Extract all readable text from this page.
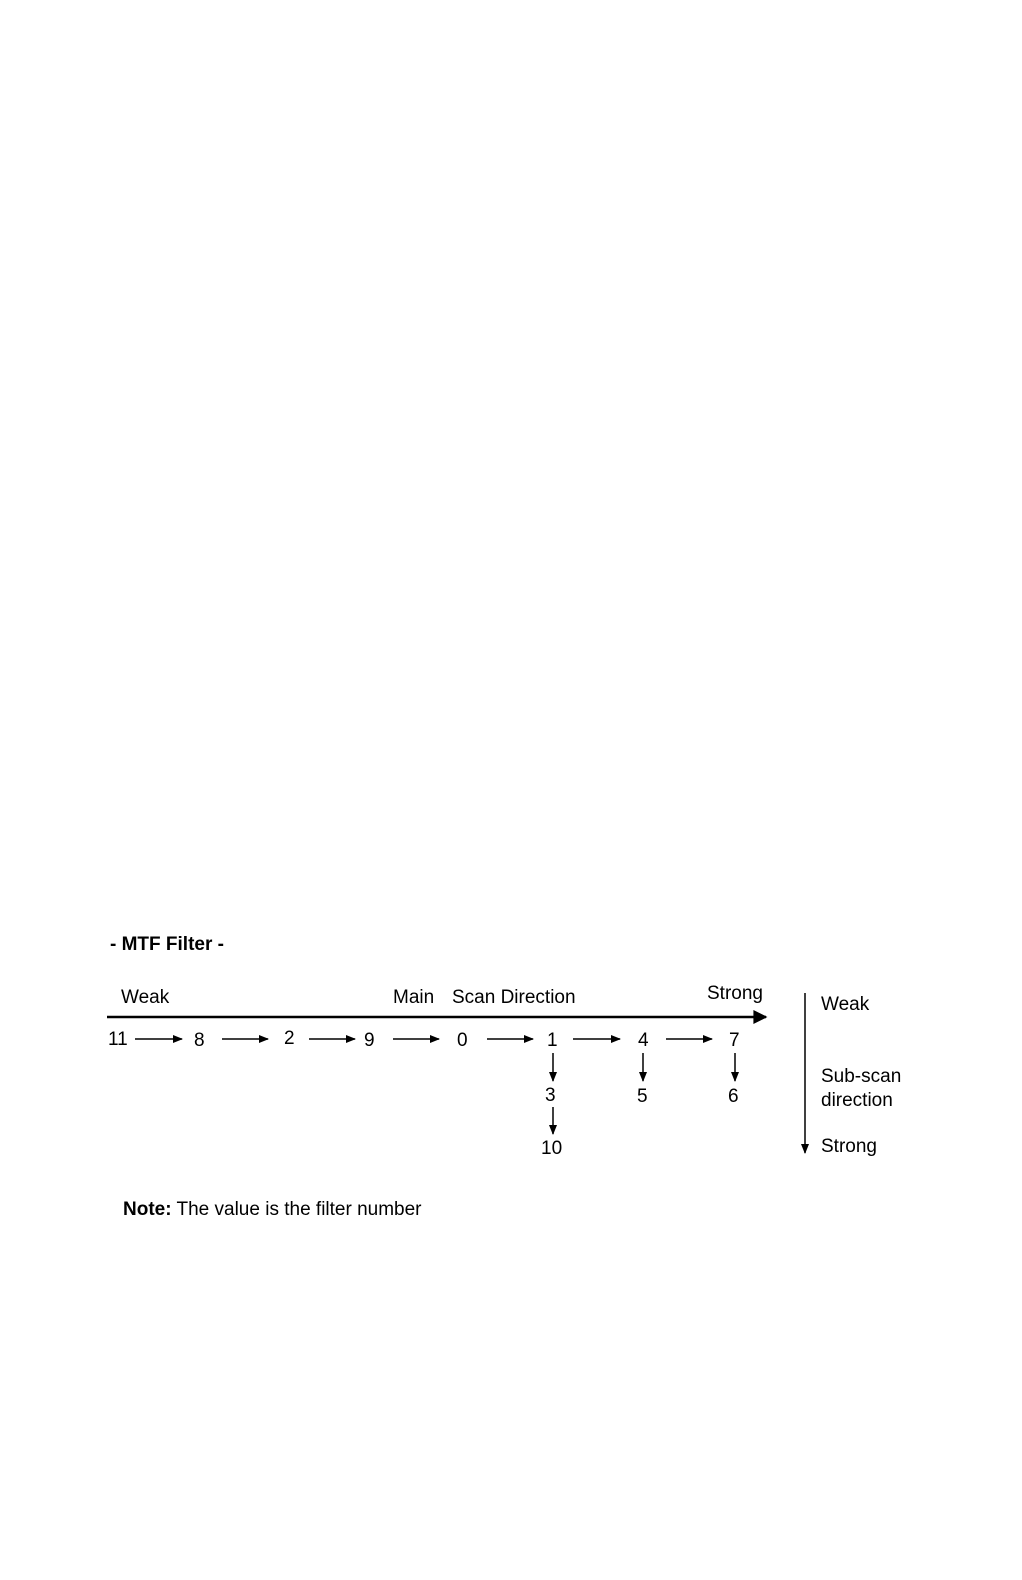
- MTF Filter -
Weak	Main Scan Direction	Strong
Weak
Sub-scan
direction
Strong
11	8	2	9	0	1	4	7
3
10
5	6
Note: The value is the filter number
